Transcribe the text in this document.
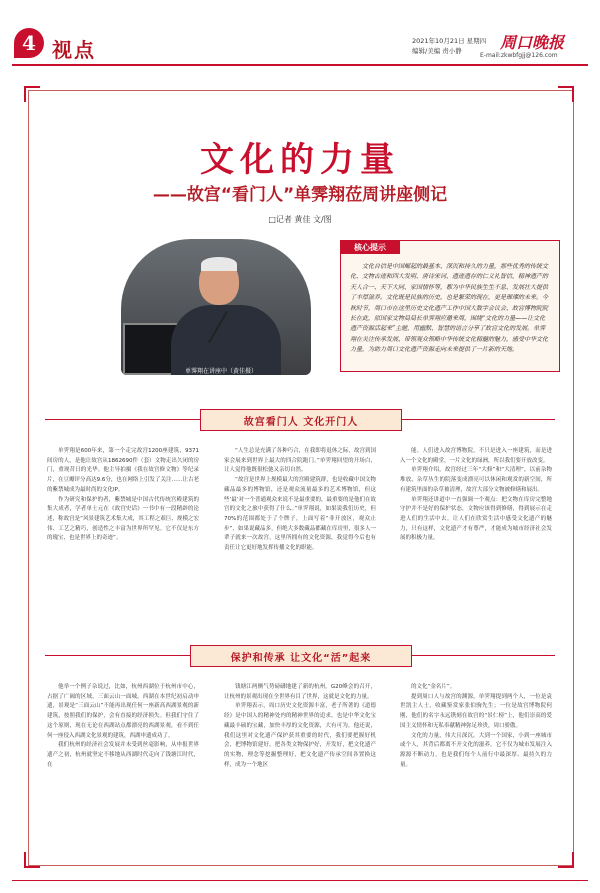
4 视点	2021年10月21日 星期四
编辑/美编 责小静	周口晚报
E-mail:zkwbfgjj@126.com
文化的力量
——故宫“看门人”单霁翔莅周讲座侧记
□记者 黄佳 文/图
单霁翔在讲座中（黄佳摄）
核心提示
文化自信是中国崛起的最基本、深沉和持久的力量，那些优秀的传统文化、文物古迹和四大发明、唐诗宋词、遗迹遗存的仁义礼智信，精神遗产的天人合一、天下大同、家国情怀等，都为中华民族生生不息、发展壮大提供了丰厚滋养。文化既是民族的历史，也是繁荣的现在，更是璀璨的未来。今秋时节，周口市在这里历史文化遗产工作中国大数字会议会、故宫博物院院长在此，原国家文物局局长单霁翔应邀来周，围绕“文化的力量——让文化遗产资源活起来”主题，用幽默、智慧的语言分享了故宫文化的发展。单霁翔在关注传承发展、带领观众领略中华传统文化精髓的魅力，感受中华文化力量，为助力周口文化遗产资源走向未来提供了一片新的天地。
故宫看门人 文化开门人

单霁翔是600年来，第一个走完故宫1200座建筑、9371间房的人，是他让故宫从1862690件（套）文物走出久闭的房门，重现昔日的光华。他主导拍摄《我在故宫修文物》等纪录片，在豆瓣评分高达9.6分，也在网络上引发了关注……让古老的紫禁城成为最时尚的文化IP。

作为研究和保护的者，紫禁城是中国古代传统宫殿建筑的集大成者，学者单士元在《故宫史话》一书中有一段精辟的论述，称故宫是“风景建筑艺术集大成，其工程之艰巨、规模之宏伟、工艺之精巧，创造性之丰富为世界所罕见。它不仅是东方的瑰宝，也是世界上的奇迹”。

“人生总是充满了各种巧合，在我即将退休之际，故宫到国家会展来到世界上最大的四合院跑门。”单霁翔回望的开场白，让人觉得他既很松弛又亲切自然。

“故宫是世界上规模最大的宫殿建筑群，也是收藏中国文物藏品最多的博物馆，还是观众流量最多的艺术博物馆，但这些‘最’对一个普通观众来说不是最重要的，最重要的是他们在故宫的文化之旅中获得了什么。”单霁翔说，如果说我们历史，但70%的范围都处于了个牌子，上面写着“非开放区，观众止步”，如果说藏品多，但绝大多数藏品都藏在库房里，很多人一辈子就来一次故宫，这里所拥有的文化资源，我觉得今后也有责任让它更好地发挥传播文化的职能。

能。人们进入故宫博物院，不只是进入一座建筑，而是进入一个文化的殿堂，一片文化的绿洲，所以我们要开放改变。

单霁翔介绍，故宫经过三年“大修”和“大清理”，以前杂物堆放、杂草丛生的院落变成漂亮可以休闲和观赏的新空间，所有建筑里面的杂草被清理，故宫大部分文物被修缮和展出。

单霁翔还讲道中一直强调一个观点：把文物在库房完整地守护并不是好的保护状态，文物应该得到修缮，得到展示在走进人们的生活中去。让人们在欣赏生活中感受文化遗产的魅力，只有这样，文化遗产才有尊严，才能成为城市经济社会发展的积极力量。

保护和传承 让文化“活”起来

他举一个例子杂说过，比如，杭州西湖位于杭州市中心，占据了广阔的区域，三面云山一面城。西湖在本世纪初启动申遗，景观是“三面云山”不能再出现任何一座新高西湖景观的新建筑，按照我们的保护，会有直接的经济损失。但我们守住了这个原则，现在无论在西湖站点都漂亮的西湖景观，看不到任何一座侵入西湖文化景观的建筑，西湖申遗成功了。

我们杭州的经济社会发展并未受到丝毫影响，从申报世界遗产之初，杭州就坚定不移地从西湖时代走向了钱塘江时代，在

钱塘江两侧气势磅礴地建了新的杭州。G20峰会的召开，让杭州的景观出现在全世界有目了世界，这就是文化的力量。

单霁翔表示，周口历史文化资源丰富，老子所著的《道德经》是中国人的精神处内的精神世界的追求，也是中华文化宝藏最丰硕的宝藏，加快丰厚的文化资源，大有可为。他还说，我们这里对文化遗产保护获其重要的时代，我们要把握好机会，把博物馆建好，把各类文物保护好，开发好，把文化遗产的实物，理念等挖掘整理好，把文化遗产传承空间各置换这样，成为一个地区

的文化“金名片”。

提到周口人与故宫的渊源，单霁翔提到两个人，一位是袁世凯主人士，收藏鉴赏家张伯驹先生；一位是故宫博物院何刚，他们的名字永远镌刻在故宫的“景仁榜”上，他们崇高的爱国主义情怀和无私奉献精神弥足珍贵，周口骄傲。

文化的力量，伟大且深沉。大到一个国家，小到一座城市或个人，其背后都离不开文化的滋养。它不仅为城市发展注入源源不断动力，也是我们每个人前行中最深厚、最持久的力量。
